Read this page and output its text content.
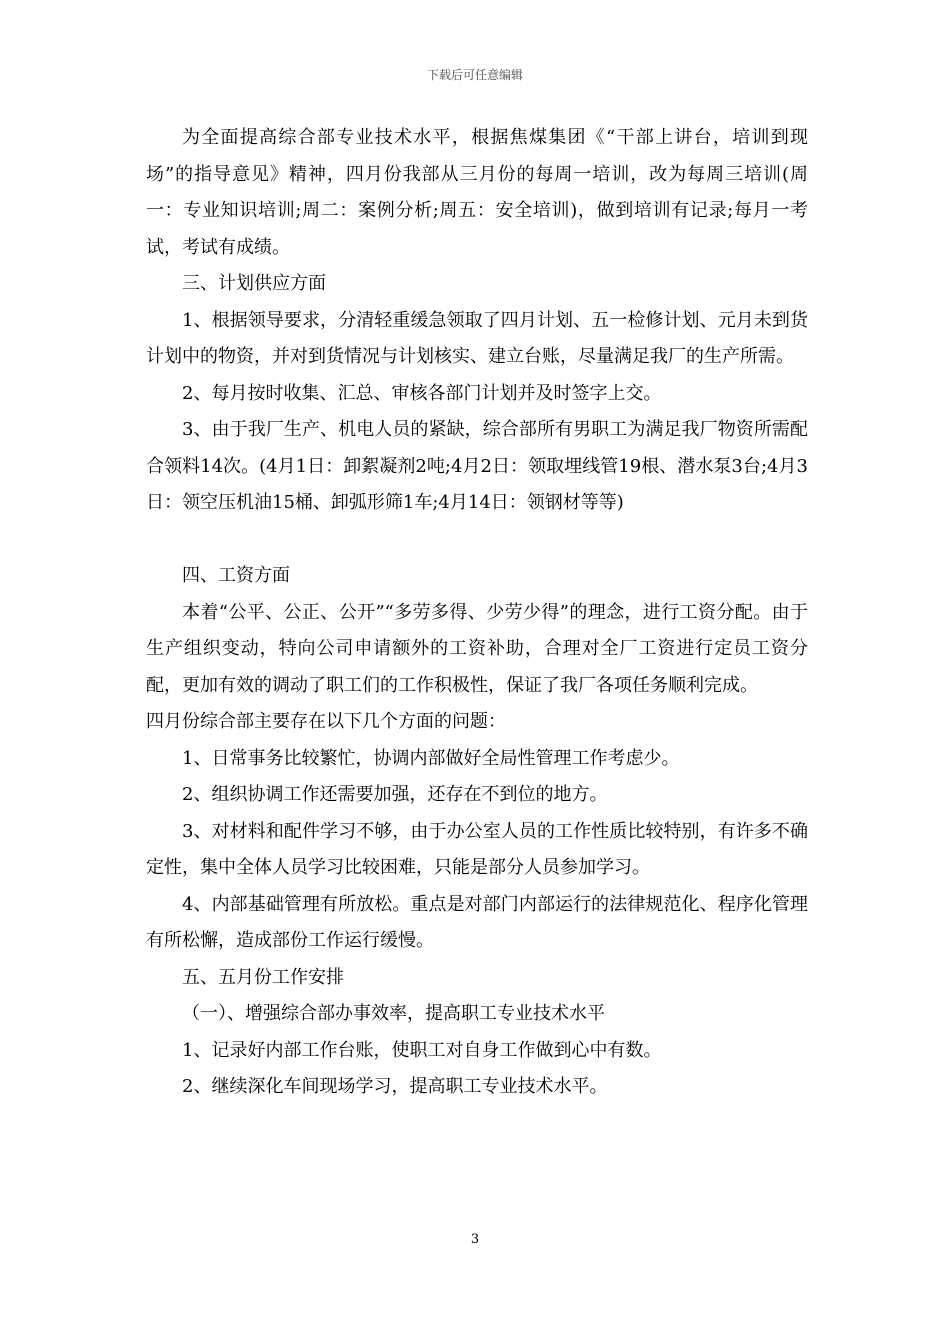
下载后可任意编辑

为全面提高综合部专业技术水平，根据焦煤集团《“干部上讲台，培训到现场”的指导意见》精神，四月份我部从三月份的每周一培训，改为每周三培训(周一：专业知识培训;周二：案例分析;周五：安全培训)，做到培训有记录;每月一考试，考试有成绩。

三、计划供应方面

1、根据领导要求，分清轻重缓急领取了四月计划、五一检修计划、元月未到货计划中的物资，并对到货情况与计划核实、建立台账，尽量满足我厂的生产所需。

2、每月按时收集、汇总、审核各部门计划并及时签字上交。

3、由于我厂生产、机电人员的紧缺，综合部所有男职工为满足我厂物资所需配合领料14次。(4月1日：卸絮凝剂2吨;4月2日：领取埋线管19根、潜水泵3台;4月3日：领空压机油15桶、卸弧形筛1车;4月14日：领钢材等等)

四、工资方面

本着“公平、公正、公开”“多劳多得、少劳少得”的理念，进行工资分配。由于生产组织变动，特向公司申请额外的工资补助，合理对全厂工资进行定员工资分配，更加有效的调动了职工们的工作积极性，保证了我厂各项任务顺利完成。

四月份综合部主要存在以下几个方面的问题：

1、日常事务比较繁忙，协调内部做好全局性管理工作考虑少。

2、组织协调工作还需要加强，还存在不到位的地方。

3、对材料和配件学习不够，由于办公室人员的工作性质比较特别，有许多不确定性，集中全体人员学习比较困难，只能是部分人员参加学习。

4、内部基础管理有所放松。重点是对部门内部运行的法律规范化、程序化管理有所松懈，造成部份工作运行缓慢。

五、五月份工作安排

（一）、增强综合部办事效率，提高职工专业技术水平

1、记录好内部工作台账，使职工对自身工作做到心中有数。

2、继续深化车间现场学习，提高职工专业技术水平。

3
